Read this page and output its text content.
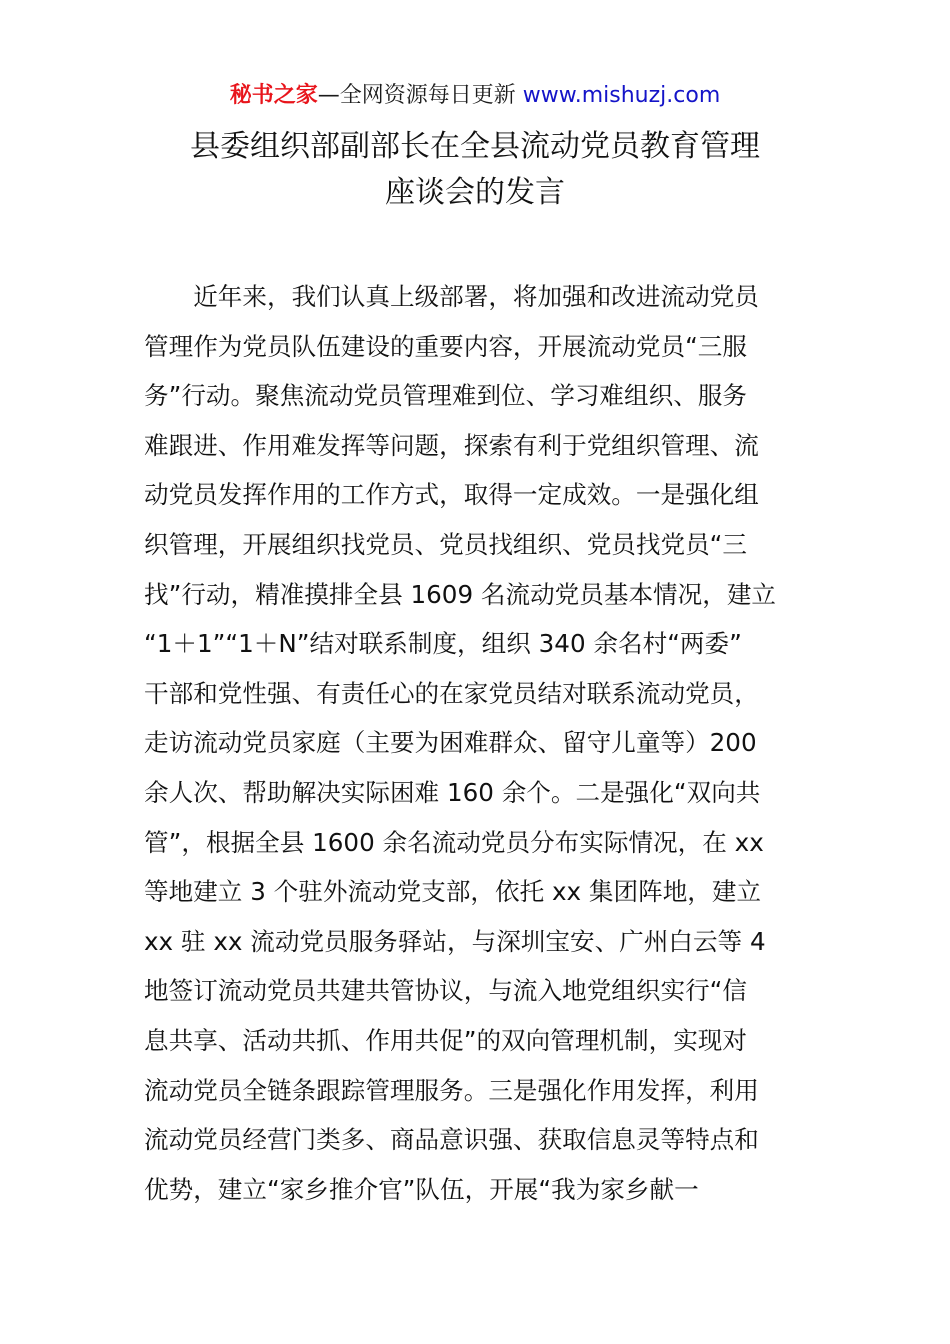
秘书之家—全网资源每日更新 www.mishuzj.com
县委组织部副部长在全县流动党员教育管理
座谈会的发言
　　近年来，我们认真上级部署，将加强和改进流动党员
管理作为党员队伍建设的重要内容，开展流动党员“三服
务”行动。聚焦流动党员管理难到位、学习难组织、服务
难跟进、作用难发挥等问题，探索有利于党组织管理、流
动党员发挥作用的工作方式，取得一定成效。一是强化组
织管理，开展组织找党员、党员找组织、党员找党员“三
找”行动，精准摸排全县 1609 名流动党员基本情况，建立
“1＋1”“1＋N”结对联系制度，组织 340 余名村“两委”
干部和党性强、有责任心的在家党员结对联系流动党员，
走访流动党员家庭（主要为困难群众、留守儿童等）200
余人次、帮助解决实际困难 160 余个。二是强化“双向共
管”，根据全县 1600 余名流动党员分布实际情况，在 xx
等地建立 3 个驻外流动党支部，依托 xx 集团阵地，建立
xx 驻 xx 流动党员服务驿站，与深圳宝安、广州白云等 4
地签订流动党员共建共管协议，与流入地党组织实行“信
息共享、活动共抓、作用共促”的双向管理机制，实现对
流动党员全链条跟踪管理服务。三是强化作用发挥，利用
流动党员经营门类多、商品意识强、获取信息灵等特点和
优势，建立“家乡推介官”队伍，开展“我为家乡献一
